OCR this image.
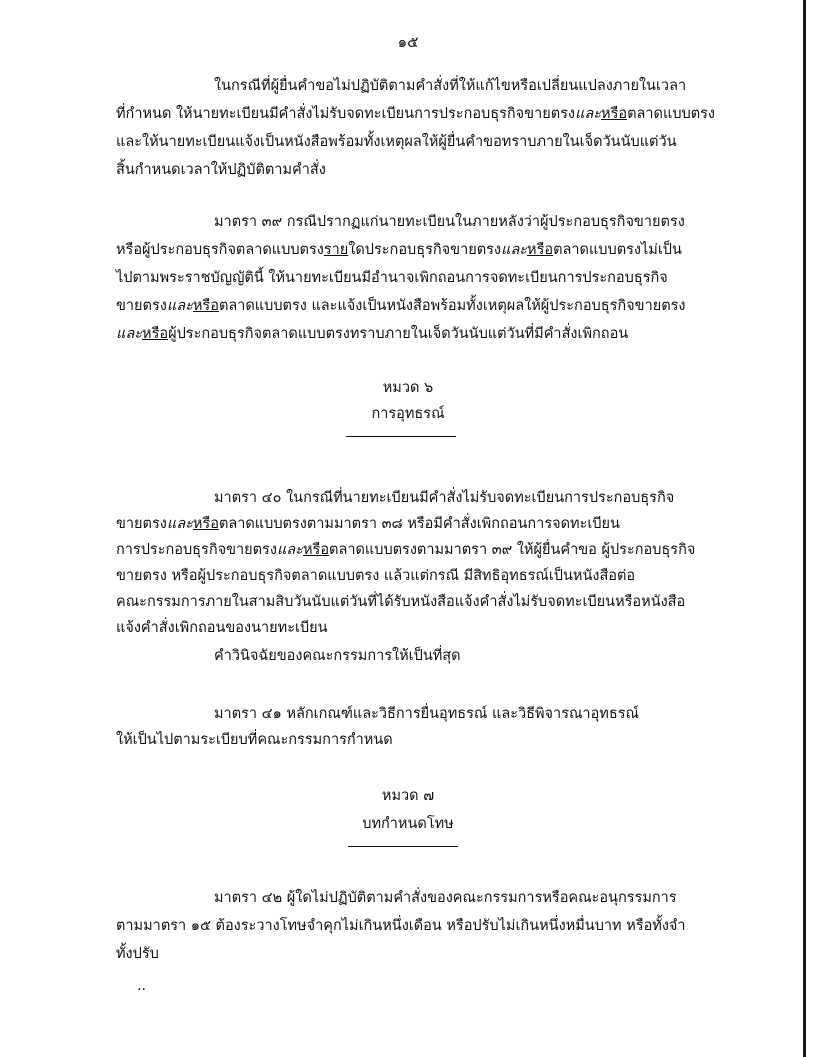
๑๕
ในกรณีที่ผู้ยื่นคำขอไม่ปฏิบัติตามคำสั่งที่ให้แก้ไขหรือเปลี่ยนแปลงภายในเวลา
ที่กำหนด ให้นายทะเบียนมีคำสั่งไม่รับจดทะเบียนการประกอบธุรกิจขายตรงและหรือตลาดแบบตรง
และให้นายทะเบียนแจ้งเป็นหนังสือพร้อมทั้งเหตุผลให้ผู้ยื่นคำขอทราบภายในเจ็ดวันนับแต่วัน
สิ้นกำหนดเวลาให้ปฏิบัติตามคำสั่ง
มาตรา ๓๙ กรณีปรากฏแก่นายทะเบียนในภายหลังว่าผู้ประกอบธุรกิจขายตรง
หรือผู้ประกอบธุรกิจตลาดแบบตรงรายใดประกอบธุรกิจขายตรงและหรือตลาดแบบตรงไม่เป็น
ไปตามพระราชบัญญัตินี้ ให้นายทะเบียนมีอำนาจเพิกถอนการจดทะเบียนการประกอบธุรกิจ
ขายตรงและหรือตลาดแบบตรง และแจ้งเป็นหนังสือพร้อมทั้งเหตุผลให้ผู้ประกอบธุรกิจขายตรง
และหรือผู้ประกอบธุรกิจตลาดแบบตรงทราบภายในเจ็ดวันนับแต่วันที่มีคำสั่งเพิกถอน
หมวด ๖
การอุทธรณ์
มาตรา ๔๐ ในกรณีที่นายทะเบียนมีคำสั่งไม่รับจดทะเบียนการประกอบธุรกิจ
ขายตรงและหรือตลาดแบบตรงตามมาตรา ๓๘ หรือมีคำสั่งเพิกถอนการจดทะเบียน
การประกอบธุรกิจขายตรงและหรือตลาดแบบตรงตามมาตรา ๓๙ ให้ผู้ยื่นคำขอ ผู้ประกอบธุรกิจ
ขายตรง หรือผู้ประกอบธุรกิจตลาดแบบตรง แล้วแต่กรณี มีสิทธิอุทธรณ์เป็นหนังสือต่อ
คณะกรรมการภายในสามสิบวันนับแต่วันที่ได้รับหนังสือแจ้งคำสั่งไม่รับจดทะเบียนหรือหนังสือ
แจ้งคำสั่งเพิกถอนของนายทะเบียน
คำวินิจฉัยของคณะกรรมการให้เป็นที่สุด
มาตรา ๔๑ หลักเกณฑ์และวิธีการยื่นอุทธรณ์ และวิธีพิจารณาอุทธรณ์
ให้เป็นไปตามระเบียบที่คณะกรรมการกำหนด
หมวด ๗
บทกำหนดโทษ
มาตรา ๔๒ ผู้ใดไม่ปฏิบัติตามคำสั่งของคณะกรรมการหรือคณะอนุกรรมการ
ตามมาตรา ๑๕ ต้องระวางโทษจำคุกไม่เกินหนึ่งเดือน หรือปรับไม่เกินหนึ่งหมื่นบาท หรือทั้งจำ
ทั้งปรับ
..
